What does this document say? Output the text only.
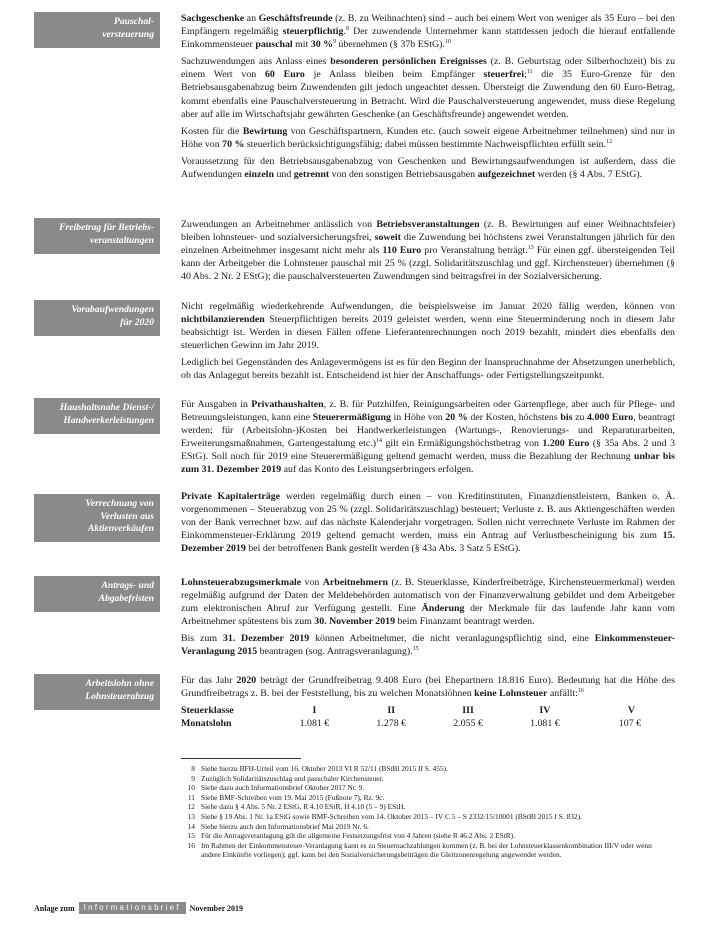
Pauschal-
versteuerung

Sachgeschenke an Geschäftsfreunde (z. B. zu Weihnachten) sind – auch bei einem Wert von weniger als 35 Euro – bei den Empfängern regelmäßig steuerpflichtig.$^8$ Der zuwendende Unternehmer kann stattdessen jedoch die hierauf entfallende Einkommensteuer pauschal mit 30 %$^9$ übernehmen (§ 37b EStG).$^{10}$

Sachzuwendungen aus Anlass eines besonderen persönlichen Ereignisses (z. B. Geburtstag oder Silberhochzeit) bis zu einem Wert von 60 Euro je Anlass bleiben beim Empfänger steuerfrei;$^{11}$ die 35 Euro-Grenze für den Betriebsausgabenabzug beim Zuwendenden gilt jedoch ungeachtet dessen. Übersteigt die Zuwendung den 60 Euro-Betrag, kommt ebenfalls eine Pauschalversteuerung in Betracht. Wird die Pauschalversteuerung angewendet, muss diese Regelung aber auf alle im Wirtschaftsjahr gewährten Geschenke (an Geschäftsfreunde) angewendet werden.

Kosten für die Bewirtung von Geschäftspartnern, Kunden etc. (auch soweit eigene Arbeitnehmer teilnehmen) sind nur in Höhe von 70 % steuerlich berücksichtigungsfähig; dabei müssen bestimmte Nachweispflichten erfüllt sein.$^{12}$

Voraussetzung für den Betriebsausgabenabzug von Geschenken und Bewirtungsaufwendungen ist außerdem, dass die Aufwendungen einzeln und getrennt von den sonstigen Betriebsausgaben aufgezeichnet werden (§ 4 Abs. 7 EStG).

Freibetrag für Betriebs-
veranstaltungen

Zuwendungen an Arbeitnehmer anlässlich von Betriebsveranstaltungen (z. B. Bewirtungen auf einer Weihnachtsfeier) bleiben lohnsteuer- und sozialversicherungsfrei, soweit die Zuwendung bei höchstens zwei Veranstaltungen jährlich für den einzelnen Arbeitnehmer insgesamt nicht mehr als 110 Euro pro Veranstaltung beträgt.$^{13}$ Für einen ggf. übersteigenden Teil kann der Arbeitgeber die Lohnsteuer pauschal mit 25 % (zzgl. Solidaritätszuschlag und ggf. Kirchensteuer) übernehmen (§ 40 Abs. 2 Nr. 2 EStG); die pauschalversteuerten Zuwendungen sind beitragsfrei in der Sozialversicherung.

Vorabaufwendungen
für 2020

Nicht regelmäßig wiederkehrende Aufwendungen, die beispielsweise im Januar 2020 fällig werden, können von nichtbilanzierenden Steuerpflichtigen bereits 2019 geleistet werden, wenn eine Steuerminderung noch in diesem Jahr beabsichtigt ist. Werden in diesen Fällen offene Lieferantenrechnungen noch 2019 bezahlt, mindert dies ebenfalls den steuerlichen Gewinn im Jahr 2019.

Lediglich bei Gegenständen des Anlagevermögens ist es für den Beginn der Inanspruchnahme der Absetzungen unerheblich, ob das Anlagegut bereits bezahlt ist. Entscheidend ist hier der Anschaffungs- oder Fertigstellungszeitpunkt.

Haushaltsnahe Dienst-/
Handwerkerleistungen

Für Ausgaben in Privathaushalten, z. B. für Putzhilfen, Reinigungsarbeiten oder Gartenpflege, aber auch für Pflege- und Betreuungsleistungen, kann eine Steuerermäßigung in Höhe von 20 % der Kosten, höchstens bis zu 4.000 Euro, beantragt werden; für (Arbeitslohn-)Kosten bei Handwerkerleistungen (Wartungs-, Renovierungs- und Reparaturarbeiten, Erweiterungsmaßnahmen, Gartengestaltung etc.)$^{14}$ gilt ein Ermäßigungshöchstbetrag von 1.200 Euro (§ 35a Abs. 2 und 3 EStG). Soll noch für 2019 eine Steuerermäßigung geltend gemacht werden, muss die Bezahlung der Rechnung unbar bis zum 31. Dezember 2019 auf das Konto des Leistungserbringers erfolgen.

Verrechnung von
Verlusten aus
Aktienverkäufen

Private Kapitalerträge werden regelmäßig durch einen – von Kreditinstituten, Finanzdienstleistern, Banken o. Ä. vorgenommenen – Steuerabzug von 25 % (zzgl. Solidaritätszuschlag) besteuert; Verluste z. B. aus Aktiengeschäften werden von der Bank verrechnet bzw. auf das nächste Kalenderjahr vorgetragen. Sollen nicht verrechnete Verluste im Rahmen der Einkommensteuer-Erklärung 2019 geltend gemacht werden, muss ein Antrag auf Verlustbescheinigung bis zum 15. Dezember 2019 bei der betroffenen Bank gestellt werden (§ 43a Abs. 3 Satz 5 EStG).

Antrags- und
Abgabefristen

Lohnsteuerabzugsmerkmale von Arbeitnehmern (z. B. Steuerklasse, Kinderfreibeträge, Kirchensteuermerkmal) werden regelmäßig aufgrund der Daten der Meldebehörden automatisch von der Finanzverwaltung gebildet und dem Arbeitgeber zum elektronischen Abruf zur Verfügung gestellt. Eine Änderung der Merkmale für das laufende Jahr kann vom Arbeitnehmer spätestens bis zum 30. November 2019 beim Finanzamt beantragt werden.

Bis zum 31. Dezember 2019 können Arbeitnehmer, die nicht veranlagungspflichtig sind, eine Einkommensteuer-Veranlagung 2015 beantragen (sog. Antragsveranlagung).$^{15}$

Arbeitslohn ohne
Lohnsteuerabzug

Für das Jahr 2020 beträgt der Grundfreibetrag 9.408 Euro (bei Ehepartnern 18.816 Euro). Bedeutung hat die Höhe des Grundfreibetrags z. B. bei der Feststellung, bis zu welchen Monatslöhnen keine Lohnsteuer anfällt:$^{16}$

Steuerklasse	I	II	III	IV	V
Monatslohn	1.081 €	1.278 €	2.055 €	1.081 €	107 €
8 Siehe hierzu BFH-Urteil vom 16. Oktober 2013 VI R 52/11 (BStBl 2015 II S. 455).
9 Zuzüglich Solidaritätszuschlag und pauschaler Kirchensteuer.
10 Siehe dazu auch Informationsbrief Oktober 2017 Nr. 9.
11 Siehe BMF-Schreiben vom 19. Mai 2015 (Fußnote 7), Rz. 9c.
12 Siehe dazu § 4 Abs. 5 Nr. 2 EStG, R 4.10 EStR, H 4.10 (5 – 9) EStH.
13 Siehe § 19 Abs. 1 Nr. 1a EStG sowie BMF-Schreiben vom 14. Oktober 2015 – IV C 5 – S 2332/15/10001 (BStBl 2015 I S. 832).
14 Siehe hierzu auch den Informationsbrief Mai 2019 Nr. 6.
15 Für die Antragsveranlagung gilt die allgemeine Festsetzungsfrist von 4 Jahren (siehe R 46.2 Abs. 2 EStR).
16 Im Rahmen der Einkommensteuer-Veranlagung kann es zu Steuernachzahlungen kommen (z. B. bei der Lohnsteuerklassenkombination III/V oder wenn andere Einkünfte vorliegen); ggf. kann bei den Sozialversicherungsbeiträgen die Gleitzonenregelung angewendet werden.
Anlage zum	Informationsbrief	November 2019
